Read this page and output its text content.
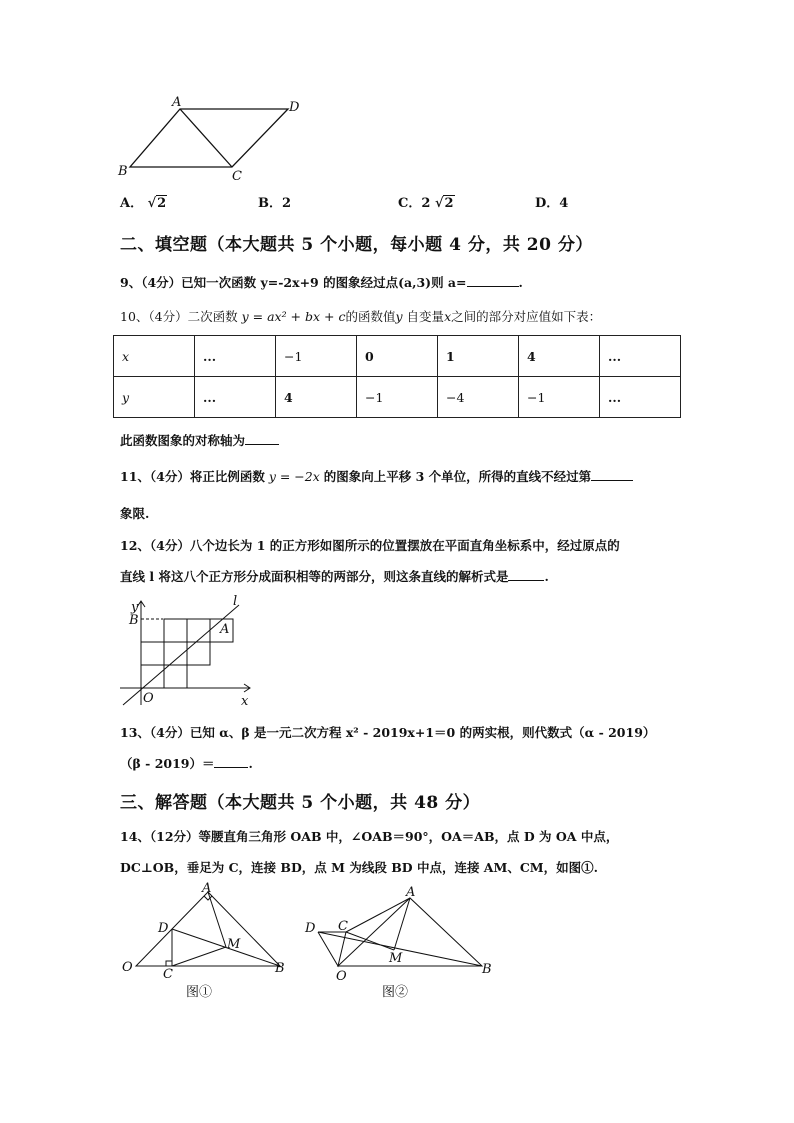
A	D
B	C
A． √2	B．2	C．2 √2	D．4
二、填空题（本大题共 5 个小题，每小题 4 分，共 20 分）
9、（4分）已知一次函数 y=-2x+9 的图象经过点(a,3)则 a=	.
10、（4分）二次函数 y = ax² + bx + c的函数值y 自变量x之间的部分对应值如下表：
x	...	−1	0	1	4	...
y	...	4	−1	−4	−1	...
此函数图象的对称轴为
11、（4分）将正比例函数 y = −2x 的图象向上平移 3 个单位，所得的直线不经过第
象限.
12、（4分）八个边长为 1 的正方形如图所示的位置摆放在平面直角坐标系中，经过原点的
直线 l 将这八个正方形分成面积相等的两部分，则这条直线的解析式是	.
y
x
l
B
A
O
13、（4分）已知 α、β 是一元二次方程 x² - 2019x+1＝0 的两实根，则代数式（α - 2019）
（β - 2019）＝	.
三、解答题（本大题共 5 个小题，共 48 分）
14、（12分）等腰直角三角形 OAB 中，∠OAB＝90°，OA＝AB，点 D 为 OA 中点，
DC⊥OB，垂足为 C，连接 BD，点 M 为线段 BD 中点，连接 AM、CM，如图①.
A
D
M
O C	B
图①
A
D C
M
O	B
图②
